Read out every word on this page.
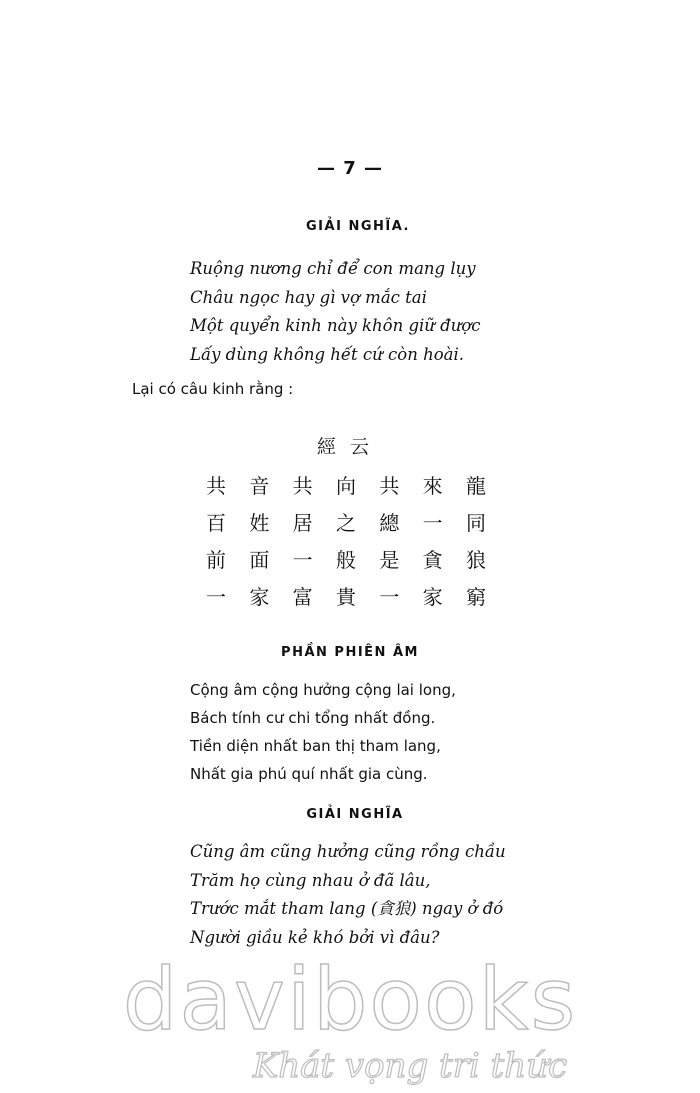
— 7 —
GIẢI NGHĨA.
Ruộng nương chỉ để con mang lụy
Châu ngọc hay gì vợ mắc tai
Một quyển kinh này khôn giữ được
Lấy dùng không hết cứ còn hoài.
Lại có câu kinh rằng :
經云
共	音	共	向	共	來	龍
百	姓	居	之	總	一	同
前	面	一	般	是	貪	狼
一	家	富	貴	一	家	窮
PHẦN PHIÊN ÂM
Cộng âm cộng hưởng cộng lai long,
Bách tính cư chi tổng nhất đồng.
Tiền diện nhất ban thị tham lang,
Nhất gia phú quí nhất gia cùng.
GIẢI NGHĨA
Cũng âm cũng hưởng cũng rồng chầu
Trăm họ cùng nhau ở đã lâu,
Trước mắt tham lang (貪狼) ngay ở đó
Người giầu kẻ khó bởi vì đâu?
davibooks
Khát vọng tri thức
